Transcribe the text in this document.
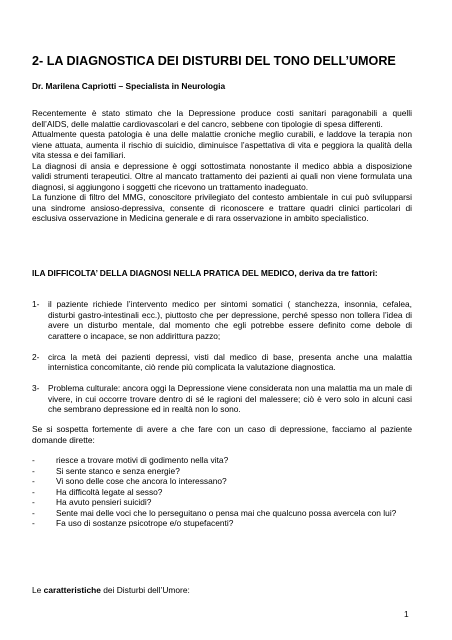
2- LA DIAGNOSTICA DEI DISTURBI DEL TONO DELL’UMORE
Dr. Marilena Capriotti – Specialista in Neurologia

Recentemente è stato stimato che la Depressione produce costi sanitari paragonabili a quelli dell’AIDS, delle malattie cardiovascolari e del cancro, sebbene con tipologie di spesa differenti.

Attualmente questa patologia è una delle malattie croniche meglio curabili, e laddove la terapia non viene attuata, aumenta il rischio di suicidio, diminuisce l’aspettativa di vita e peggiora la qualità della vita stessa e dei familiari.

La diagnosi di ansia e depressione è oggi sottostimata nonostante il medico abbia a disposizione validi strumenti terapeutici. Oltre al mancato trattamento dei pazienti ai quali non viene formulata una diagnosi, si aggiungono i soggetti che ricevono un trattamento inadeguato.

La funzione di filtro del MMG, conoscitore privilegiato del contesto ambientale in cui può svilupparsi una sindrome ansioso-depressiva, consente di riconoscere e trattare quadri clinici particolari di esclusiva osservazione in Medicina generale e di rara osservazione in ambito specialistico.

ILA DIFFICOLTA’ DELLA DIAGNOSI NELLA PRATICA DEL MEDICO, deriva da tre fattori:
1-	il paziente richiede l’intervento medico per sintomi somatici ( stanchezza, insonnia, cefalea, disturbi gastro-intestinali ecc.), piuttosto che per depressione, perché spesso non tollera l’idea di avere un disturbo mentale, dal momento che egli potrebbe essere definito come debole di carattere o incapace, se non addirittura pazzo;
2-	circa la metà dei pazienti depressi, visti dal medico di base, presenta anche una malattia internistica concomitante, ciò rende più complicata la valutazione diagnostica.
3-	Problema culturale: ancora oggi la Depressione viene considerata non una malattia ma un male di vivere, in cui occorre trovare dentro di sé le ragioni del malessere; ciò è vero solo in alcuni casi che sembrano depressione ed in realtà non lo sono.
Se si sospetta fortemente di avere a che fare con un caso di depressione, facciamo al paziente domande dirette:
-	riesce a trovare motivi di godimento nella vita?
-	Si sente stanco e senza energie?
-	Vi sono delle cose che ancora lo interessano?
-	Ha difficoltà legate al sesso?
-	Ha avuto pensieri suicidi?
-	Sente mai delle voci che lo perseguitano o pensa mai che qualcuno possa avercela con lui?
-	Fa uso di sostanze psicotrope e/o stupefacenti?
Le caratteristiche dei Disturbi dell’Umore:
1
